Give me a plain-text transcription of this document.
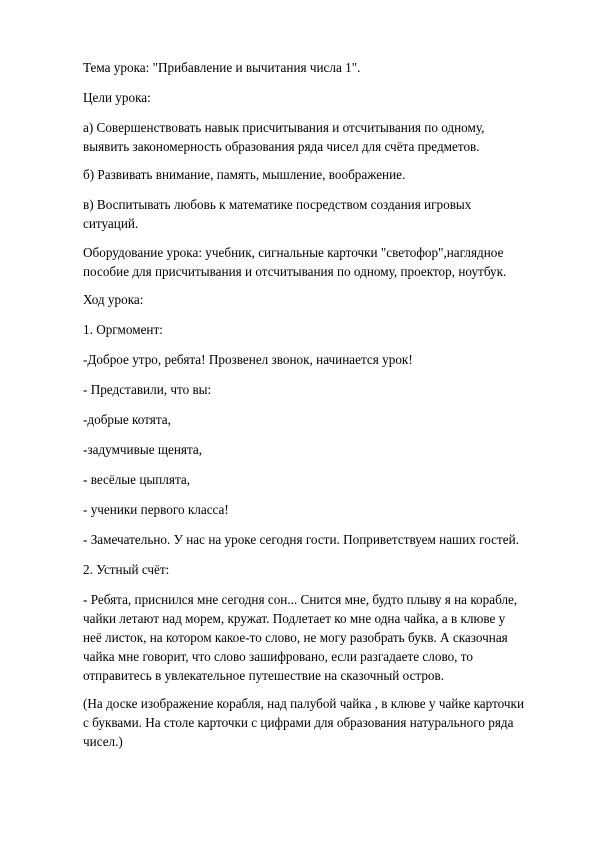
Тема урока: "Прибавление и вычитания числа 1".
Цели урока:
а) Совершенствовать навык присчитывания и отсчитывания по одному,
выявить закономерность образования ряда чисел для счёта предметов.
б) Развивать внимание, память, мышление, воображение.
в) Воспитывать любовь к математике посредством создания игровых
ситуаций.
Оборудование урока: учебник, сигнальные карточки "светофор",наглядное
пособие для присчитывания и отсчитывания по одному, проектор, ноутбук.
Ход урока:
1. Оргмомент:
-Доброе утро, ребята! Прозвенел звонок, начинается урок!
- Представили, что вы:
-добрые котята,
-задумчивые щенята,
- весёлые цыплята,
- ученики первого класса!
- Замечательно. У нас на уроке сегодня гости. Поприветствуем наших гостей.
2. Устный счёт:
- Ребята, приснился мне сегодня сон... Снится мне, будто плыву я на корабле,
чайки летают над морем, кружат. Подлетает ко мне одна чайка, а в клюве у
неё листок, на котором какое-то слово, не могу разобрать букв. А сказочная
чайка мне говорит, что слово зашифровано, если разгадаете слово, то
отправитесь в увлекательное путешествие на сказочный остров.
(На доске изображение корабля, над палубой чайка , в клюве у чайке карточки
с буквами. На столе карточки с цифрами для образования натурального ряда
чисел.)
